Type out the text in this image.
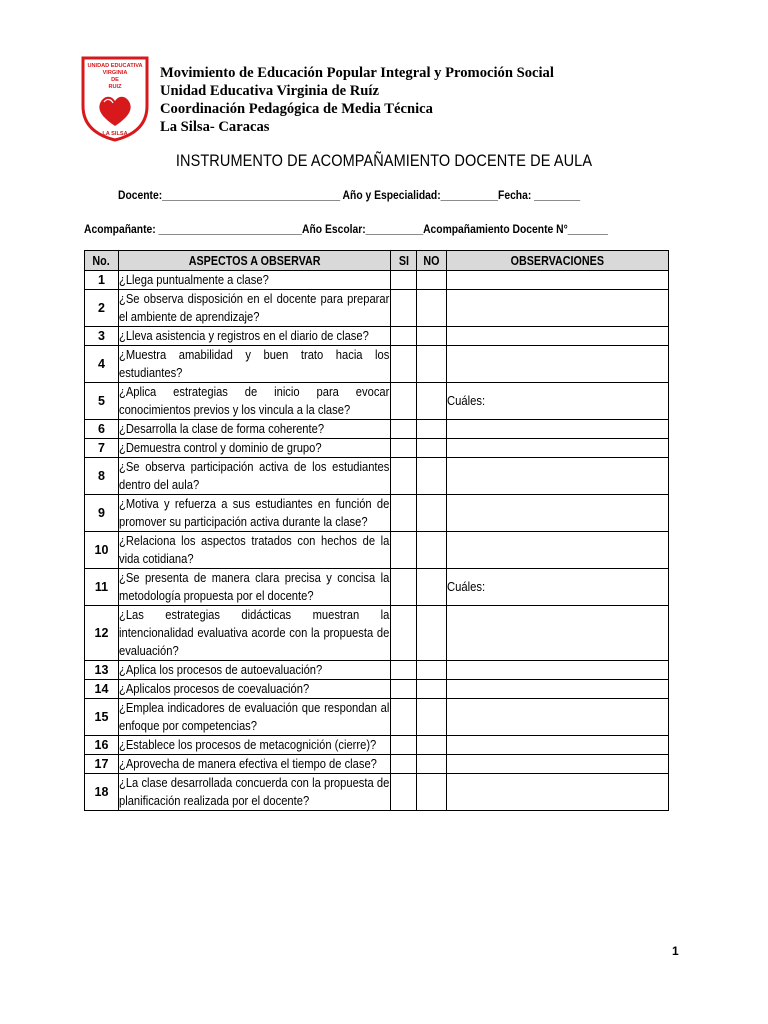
UNIDAD EDUCATIVA
VIRGINIA
DE
RUIZ
LA SILSA
Movimiento de Educación Popular Integral y Promoción Social
Unidad Educativa Virginia de Ruíz
Coordinación Pedagógica de Media Técnica
La Silsa- Caracas
INSTRUMENTO DE ACOMPAÑAMIENTO DOCENTE DE AULA
Docente:_______________________________ Año y Especialidad:__________Fecha: ________
Acompañante: _________________________Año Escolar:__________Acompañamiento Docente N°_______
No.	ASPECTOS A OBSERVAR	SI	NO	OBSERVACIONES
1	¿Llega puntualmente a clase?			

2	¿Se observa disposición en el docente para preparar el ambiente de aprendizaje?			

3	¿Lleva asistencia y registros en el diario de clase?			

4	¿Muestra amabilidad y buen trato hacia los estudiantes?			

5	¿Aplica estrategias de inicio para evocar conocimientos previos y los vincula a la clase?			Cuáles:
6	¿Desarrolla la clase de forma coherente?			

7	¿Demuestra control y dominio de grupo?			

8	¿Se observa participación activa de los estudiantes dentro del aula?			

9	¿Motiva y refuerza a sus estudiantes en función de promover su participación activa durante la clase?			

10	¿Relaciona los aspectos tratados con hechos de la vida cotidiana?			

11	¿Se presenta de manera clara precisa y concisa la metodología propuesta por el docente?			Cuáles:
12	¿Las estrategias didácticas muestran la intencionalidad evaluativa acorde con la propuesta de evaluación?			

13	¿Aplica los procesos de autoevaluación?			

14	¿Aplicalos procesos de coevaluación?			

15	¿Emplea indicadores de evaluación que respondan al enfoque por competencias?			

16	¿Establece los procesos de metacognición (cierre)?			

17	¿Aprovecha de manera efectiva el tiempo de clase?			

18	¿La clase desarrollada concuerda con la propuesta de planificación realizada por el docente?			

1
